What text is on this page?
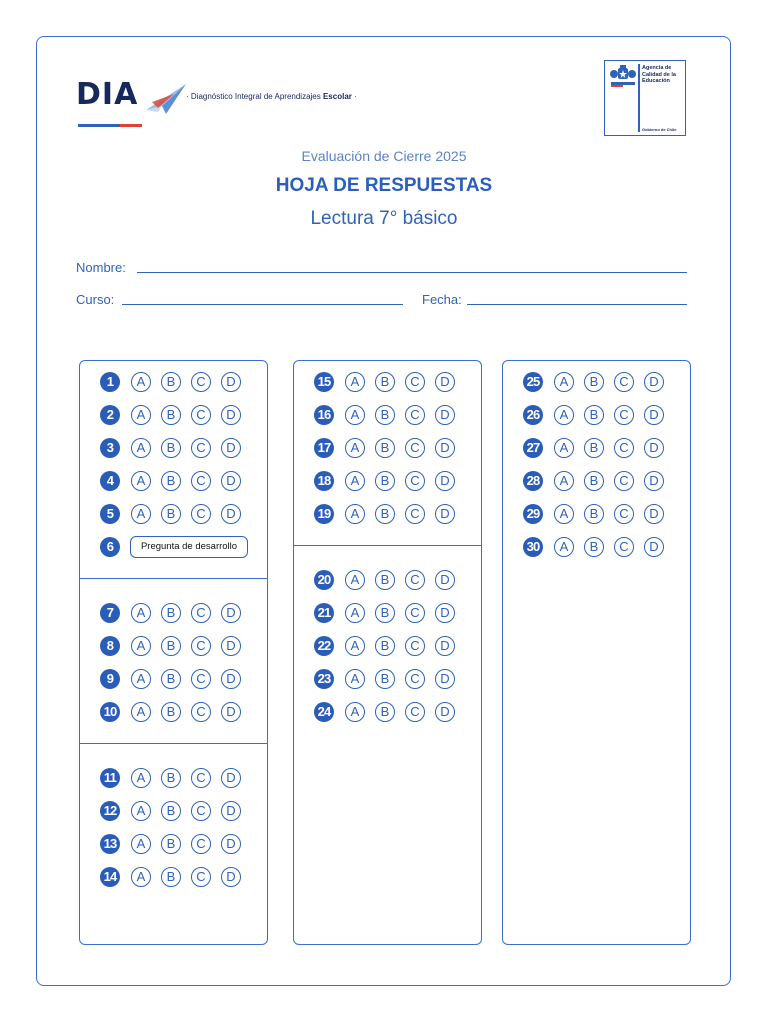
DIA	· Diagnóstico Integral de Aprendizajes Escolar ·
Agencia de Calidad de la Educación
Gobierno de Chile
Evaluación de Cierre 2025
HOJA DE RESPUESTAS
Lectura 7° básico
Nombre:
Curso:	Fecha:
1	A	B	C	D
2	A	B	C	D
3	A	B	C	D
4	A	B	C	D
5	A	B	C	D
6	Pregunta de desarrollo
7	A	B	C	D
8	A	B	C	D
9	A	B	C	D
10	A	B	C	D
11	A	B	C	D
12	A	B	C	D
13	A	B	C	D
14	A	B	C	D
15	A	B	C	D
16	A	B	C	D
17	A	B	C	D
18	A	B	C	D
19	A	B	C	D
20	A	B	C	D
21	A	B	C	D
22	A	B	C	D
23	A	B	C	D
24	A	B	C	D
25	A	B	C	D
26	A	B	C	D
27	A	B	C	D
28	A	B	C	D
29	A	B	C	D
30	A	B	C	D
